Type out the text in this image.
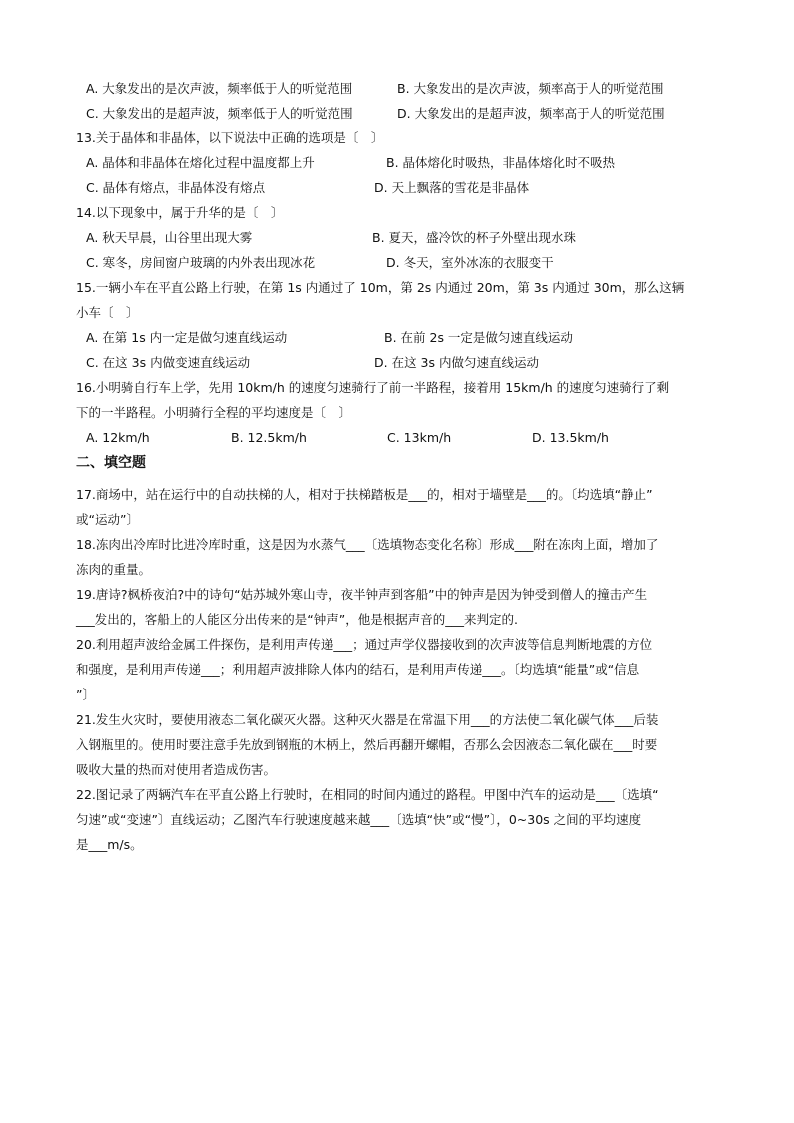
A. 大象发出的是次声波，频率低于人的听觉范围	B. 大象发出的是次声波，频率高于人的听觉范围
C. 大象发出的是超声波，频率低于人的听觉范围	D. 大象发出的是超声波，频率高于人的听觉范围
13.关于晶体和非晶体，以下说法中正确的选项是〔　〕
A. 晶体和非晶体在熔化过程中温度都上升	B. 晶体熔化时吸热，非晶体熔化时不吸热
C. 晶体有熔点，非晶体没有熔点	D. 天上飘落的雪花是非晶体
14.以下现象中，属于升华的是〔　〕
A. 秋天早晨，山谷里出现大雾	B. 夏天，盛冷饮的杯子外壁出现水珠
C. 寒冬，房间窗户玻璃的内外表出现冰花	D. 冬天，室外冰冻的衣服变干
15.一辆小车在平直公路上行驶，在第 1s 内通过了 10m，第 2s 内通过 20m，第 3s 内通过 30m，那么这辆
小车〔　〕
A. 在第 1s 内一定是做匀速直线运动	B. 在前 2s 一定是做匀速直线运动
C. 在这 3s 内做变速直线运动	D. 在这 3s 内做匀速直线运动
16.小明骑自行车上学，先用 10km/h 的速度匀速骑行了前一半路程，接着用 15km/h 的速度匀速骑行了剩
下的一半路程。小明骑行全程的平均速度是〔　〕
A. 12km/h	B. 12.5km/h	C. 13km/h	D. 13.5km/h
二、填空题
17.商场中，站在运行中的自动扶梯的人，相对于扶梯踏板是___的，相对于墙壁是___的。〔均选填“静止”
或“运动”〕
18.冻肉出冷库时比进冷库时重，这是因为水蒸气___〔选填物态变化名称〕形成___附在冻肉上面，增加了
冻肉的重量。
19.唐诗?枫桥夜泊?中的诗句“姑苏城外寒山寺，夜半钟声到客船”中的钟声是因为钟受到僧人的撞击产生
___发出的，客船上的人能区分出传来的是“钟声”，他是根据声音的___来判定的.
20.利用超声波给金属工件探伤，是利用声传递___；通过声学仪器接收到的次声波等信息判断地震的方位
和强度，是利用声传递___；利用超声波排除人体内的结石，是利用声传递___。〔均选填“能量”或“信息
”〕
21.发生火灾时，要使用液态二氧化碳灭火器。这种灭火器是在常温下用___的方法使二氧化碳气体___后装
入钢瓶里的。使用时要注意手先放到钢瓶的木柄上，然后再翻开螺帽，否那么会因液态二氧化碳在___时要
吸收大量的热而对使用者造成伤害。
22.图记录了两辆汽车在平直公路上行驶时，在相同的时间内通过的路程。甲图中汽车的运动是___〔选填“
匀速”或“变速”〕直线运动；乙图汽车行驶速度越来越___〔选填“快”或“慢”〕，0~30s 之间的平均速度
是___m/s。
